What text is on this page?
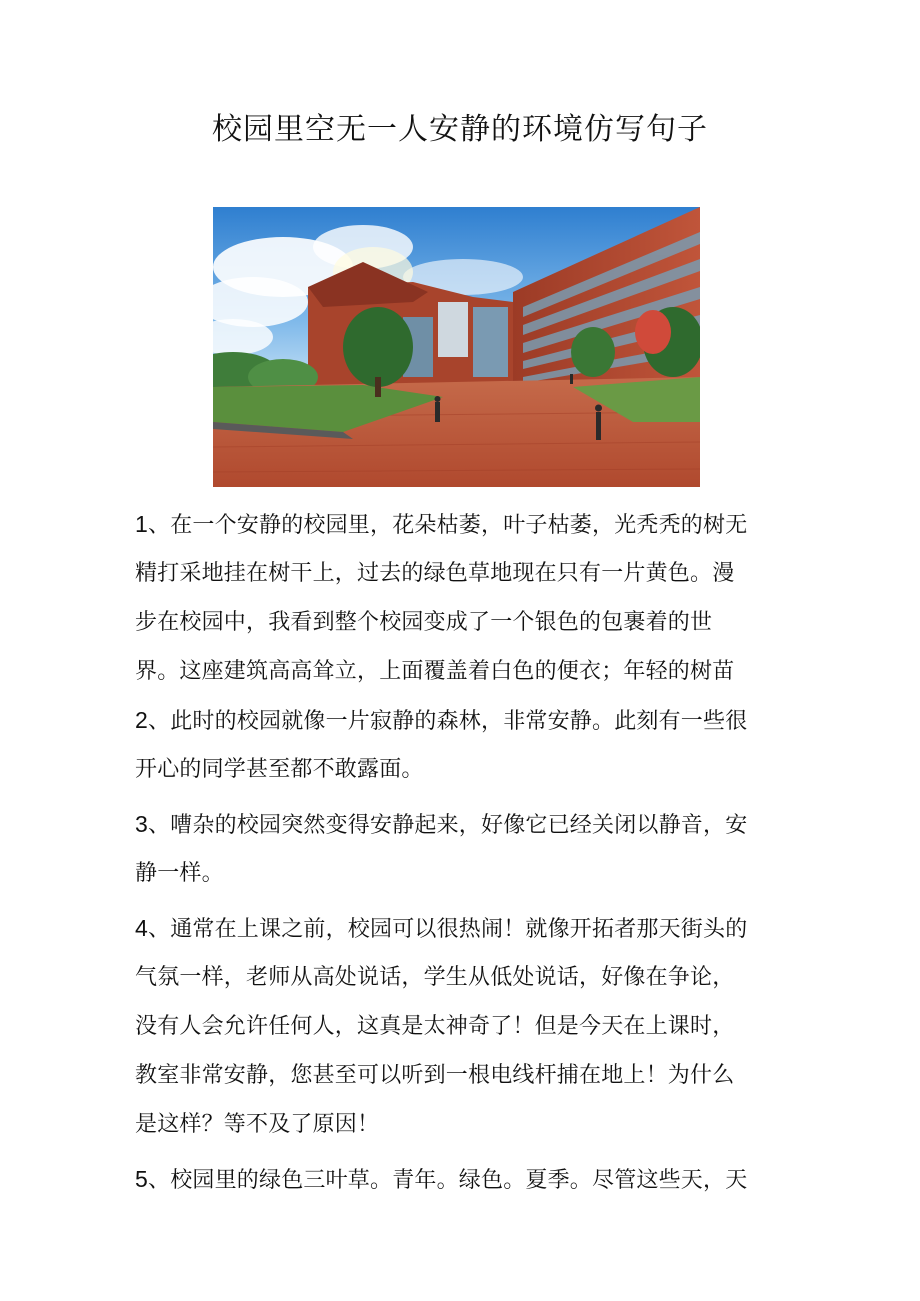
校园里空无一人安静的环境仿写句子
1、在一个安静的校园里，花朵枯萎，叶子枯萎，光秃秃的树无
精打采地挂在树干上，过去的绿色草地现在只有一片黄色。漫
步在校园中，我看到整个校园变成了一个银色的包裹着的世
界。这座建筑高高耸立，上面覆盖着白色的便衣；年轻的树苗
2、此时的校园就像一片寂静的森林，非常安静。此刻有一些很
开心的同学甚至都不敢露面。
3、嘈杂的校园突然变得安静起来，好像它已经关闭以静音，安
静一样。
4、通常在上课之前，校园可以很热闹！就像开拓者那天街头的
气氛一样，老师从高处说话，学生从低处说话，好像在争论，
没有人会允许任何人，这真是太神奇了！但是今天在上课时，
教室非常安静，您甚至可以听到一根电线杆捕在地上！为什么
是这样？等不及了原因！
5、校园里的绿色三叶草。青年。绿色。夏季。尽管这些天，天
